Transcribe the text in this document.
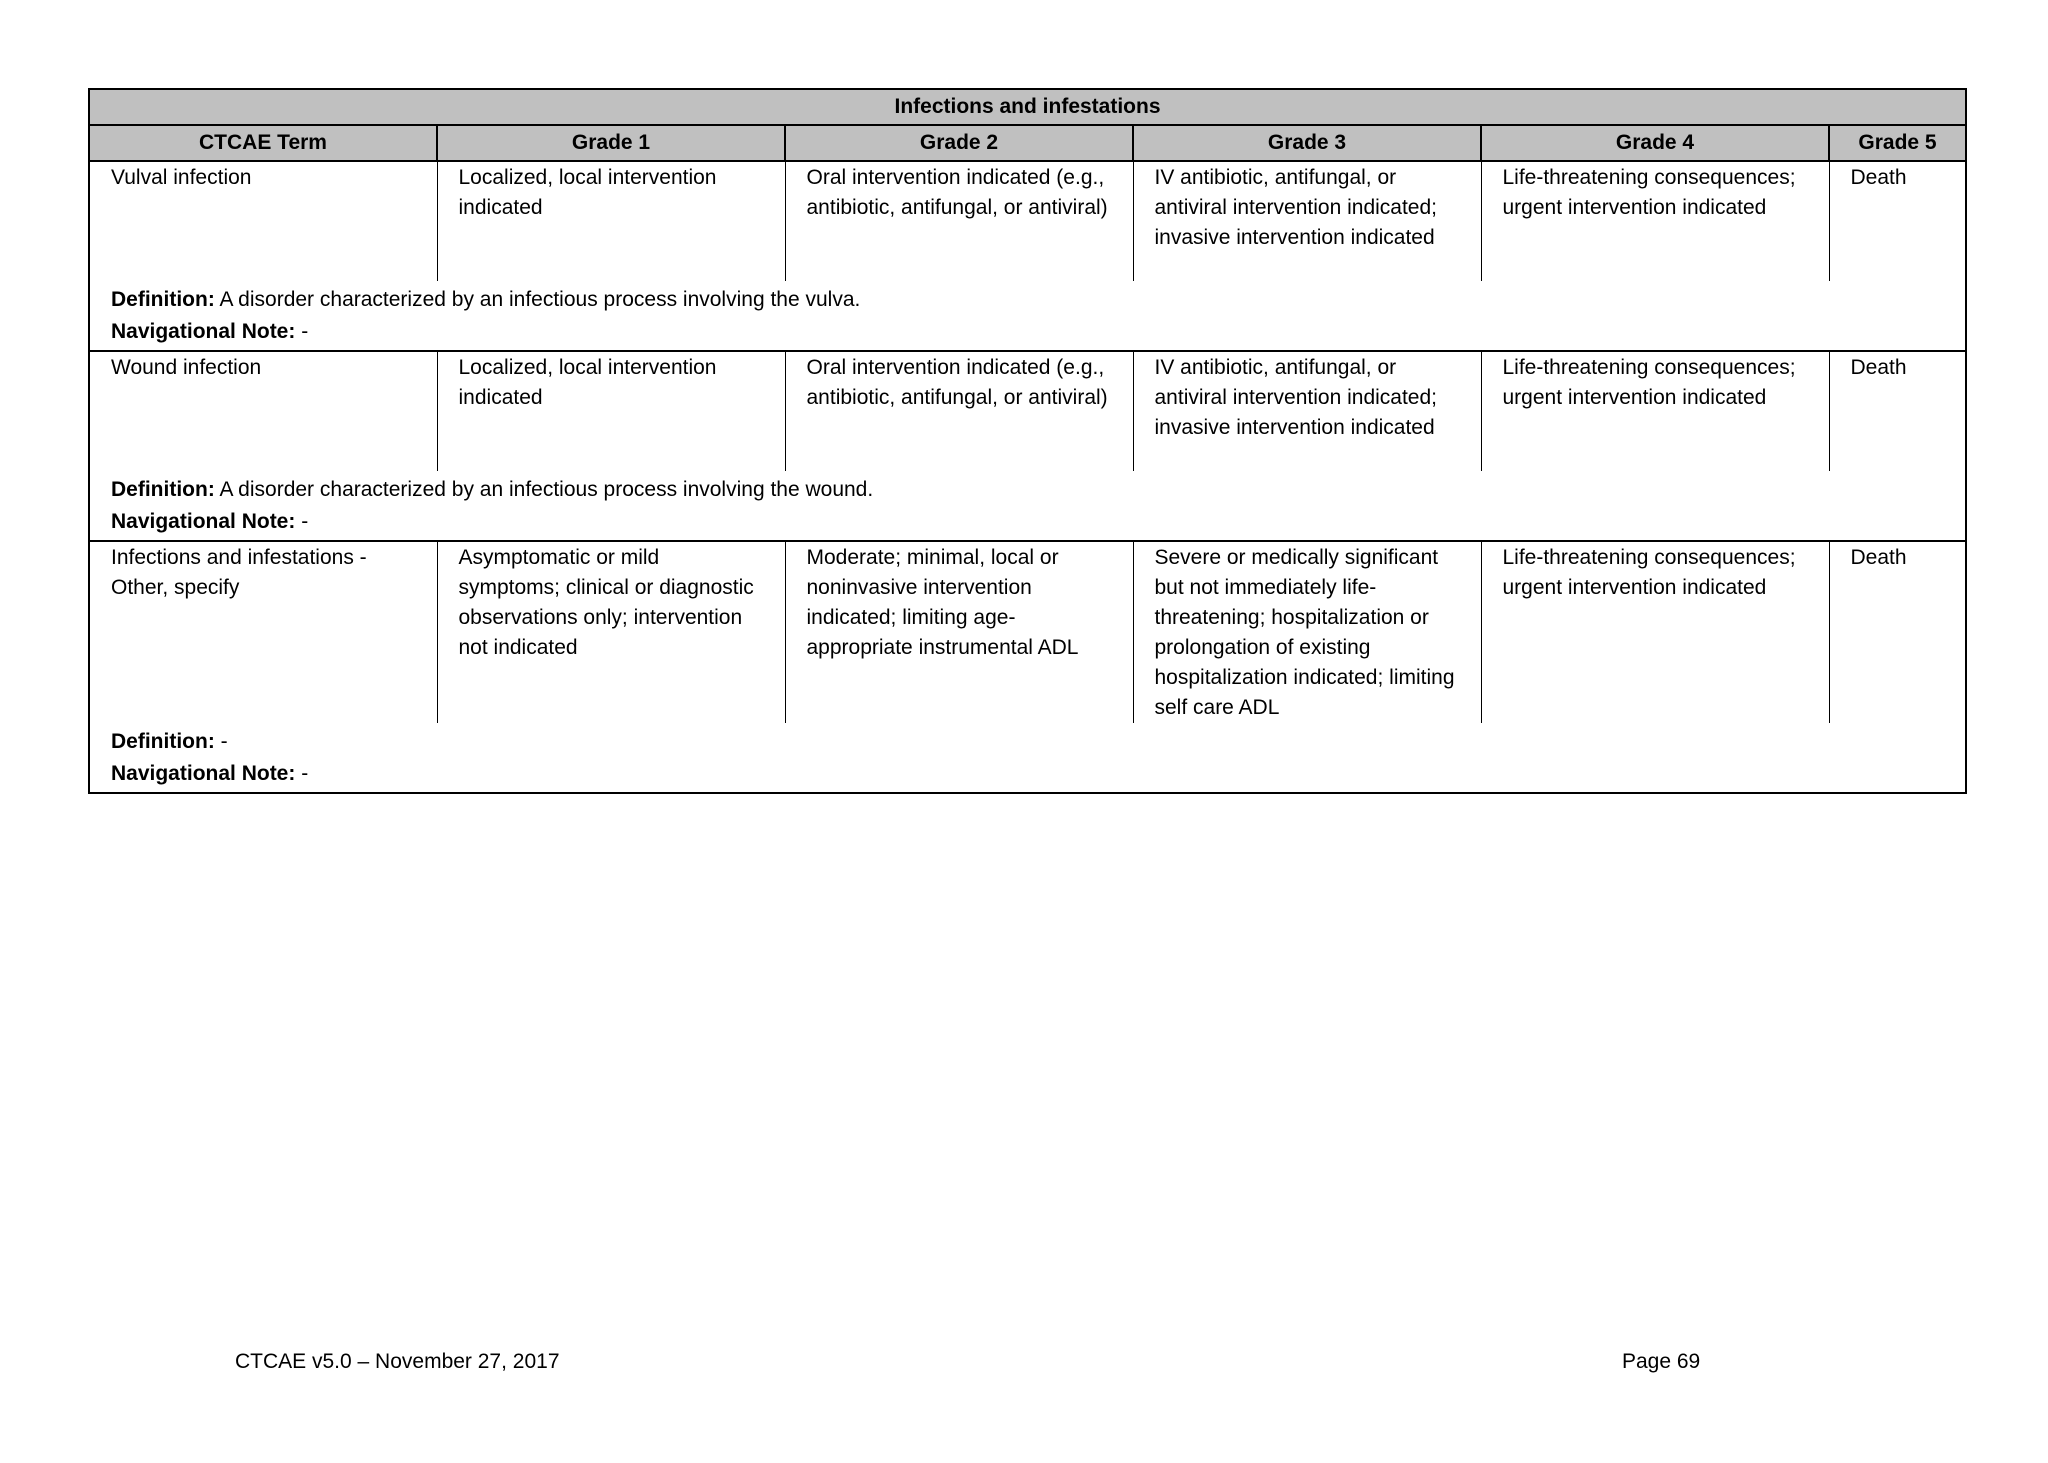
Infections and infestations					
CTCAE Term	Grade 1	Grade 2	Grade 3	Grade 4	Grade 5
Vulval infection	Localized, local intervention indicated	Oral intervention indicated (e.g., antibiotic, antifungal, or antiviral)	IV antibiotic, antifungal, or antiviral intervention indicated; invasive intervention indicated	Life-threatening consequences; urgent intervention indicated	Death
Definition: A disorder characterized by an infectious process involving the vulva.					
Navigational Note: -					
Wound infection	Localized, local intervention indicated	Oral intervention indicated (e.g., antibiotic, antifungal, or antiviral)	IV antibiotic, antifungal, or antiviral intervention indicated; invasive intervention indicated	Life-threatening consequences; urgent intervention indicated	Death
Definition: A disorder characterized by an infectious process involving the wound.					
Navigational Note: -					
Infections and infestations - Other, specify	Asymptomatic or mild symptoms; clinical or diagnostic observations only; intervention not indicated	Moderate; minimal, local or noninvasive intervention indicated; limiting age-appropriate instrumental ADL	Severe or medically significant but not immediately life-threatening; hospitalization or prolongation of existing hospitalization indicated; limiting self care ADL	Life-threatening consequences; urgent intervention indicated	Death
Definition: -					
Navigational Note: -					
CTCAE v5.0 – November 27, 2017	Page 69
